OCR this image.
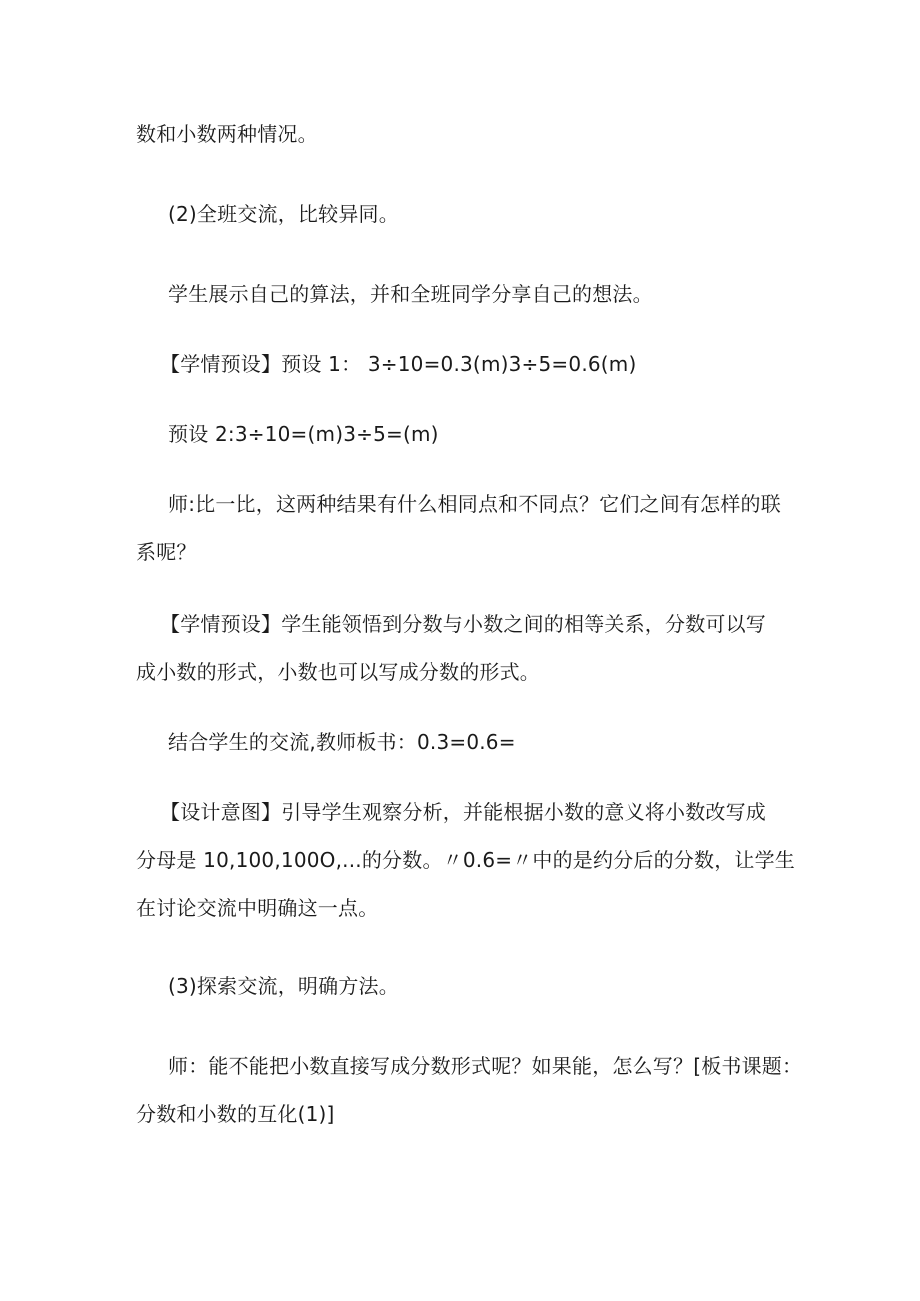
数和小数两种情况。
(2)全班交流，比较异同。
学生展示自己的算法，并和全班同学分享自己的想法。
【学情预设】预设 1： 3÷10=0.3(m)3÷5=0.6(m)
预设 2:3÷10=(m)3÷5=(m)
师:比一比，这两种结果有什么相同点和不同点？它们之间有怎样的联
系呢？
【学情预设】学生能领悟到分数与小数之间的相等关系，分数可以写
成小数的形式，小数也可以写成分数的形式。
结合学生的交流,教师板书：0.3=0.6=
【设计意图】引导学生观察分析，并能根据小数的意义将小数改写成
分母是 10,100,100O,...的分数。〃0.6=〃中的是约分后的分数，让学生
在讨论交流中明确这一点。
(3)探索交流，明确方法。
师：能不能把小数直接写成分数形式呢？如果能，怎么写？[板书课题：
分数和小数的互化(1)]
